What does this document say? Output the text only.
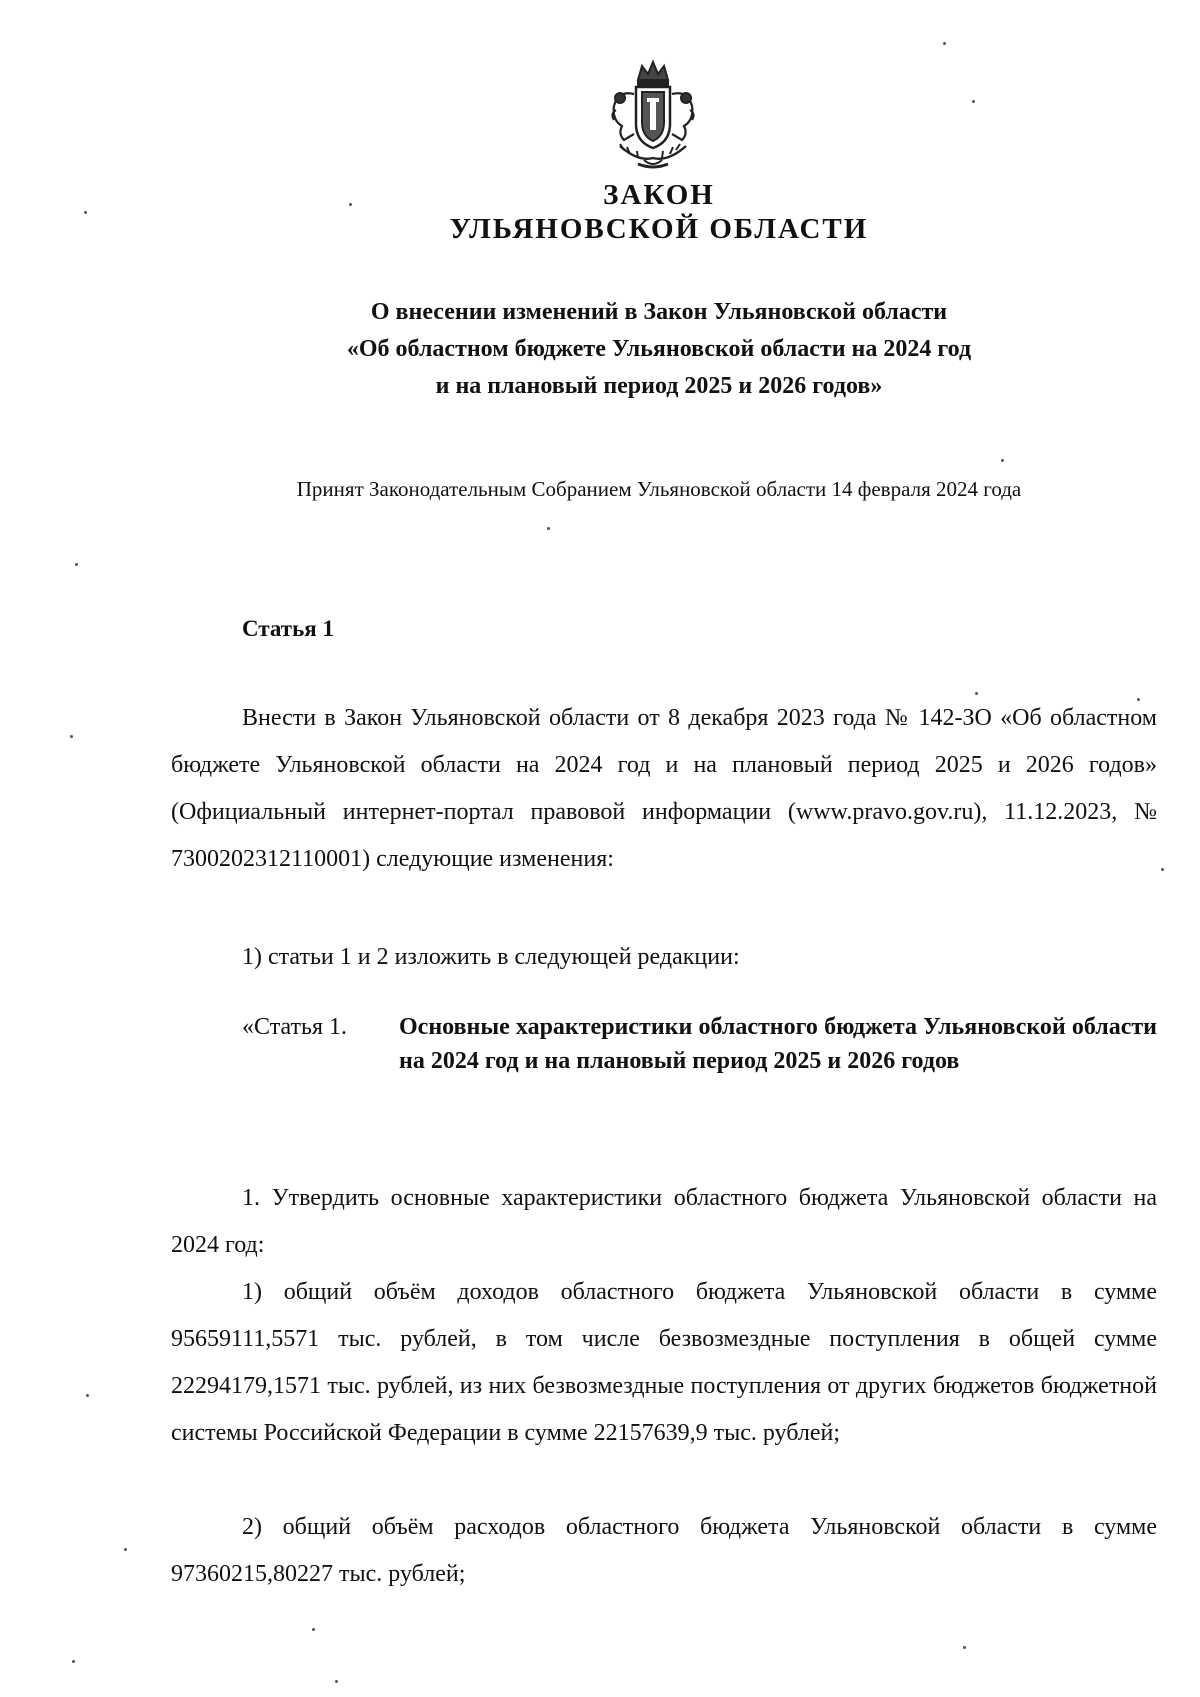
ЗАКОН
УЛЬЯНОВСКОЙ ОБЛАСТИ
О внесении изменений в Закон Ульяновской области
«Об областном бюджете Ульяновской области на 2024 год
и на плановый период 2025 и 2026 годов»
Принят Законодательным Собранием Ульяновской области 14 февраля 2024 года
Статья 1
Внести в Закон Ульяновской области от 8 декабря 2023 года № 142-ЗО «Об областном бюджете Ульяновской области на 2024 год и на плановый период 2025 и 2026 годов» (Официальный интернет-портал правовой информации (www.pravo.gov.ru), 11.12.2023, № 7300202312110001) следующие изменения:
1) статьи 1 и 2 изложить в следующей редакции:
«Статья 1. Основные характеристики областного бюджета Ульяновской области на 2024 год и на плановый период 2025 и 2026 годов
1. Утвердить основные характеристики областного бюджета Ульяновской области на 2024 год:
1) общий объём доходов областного бюджета Ульяновской области в сумме 95659111,5571 тыс. рублей, в том числе безвозмездные поступления в общей сумме 22294179,1571 тыс. рублей, из них безвозмездные поступления от других бюджетов бюджетной системы Российской Федерации в сумме 22157639,9 тыс. рублей;
2) общий объём расходов областного бюджета Ульяновской области в сумме 97360215,80227 тыс. рублей;
